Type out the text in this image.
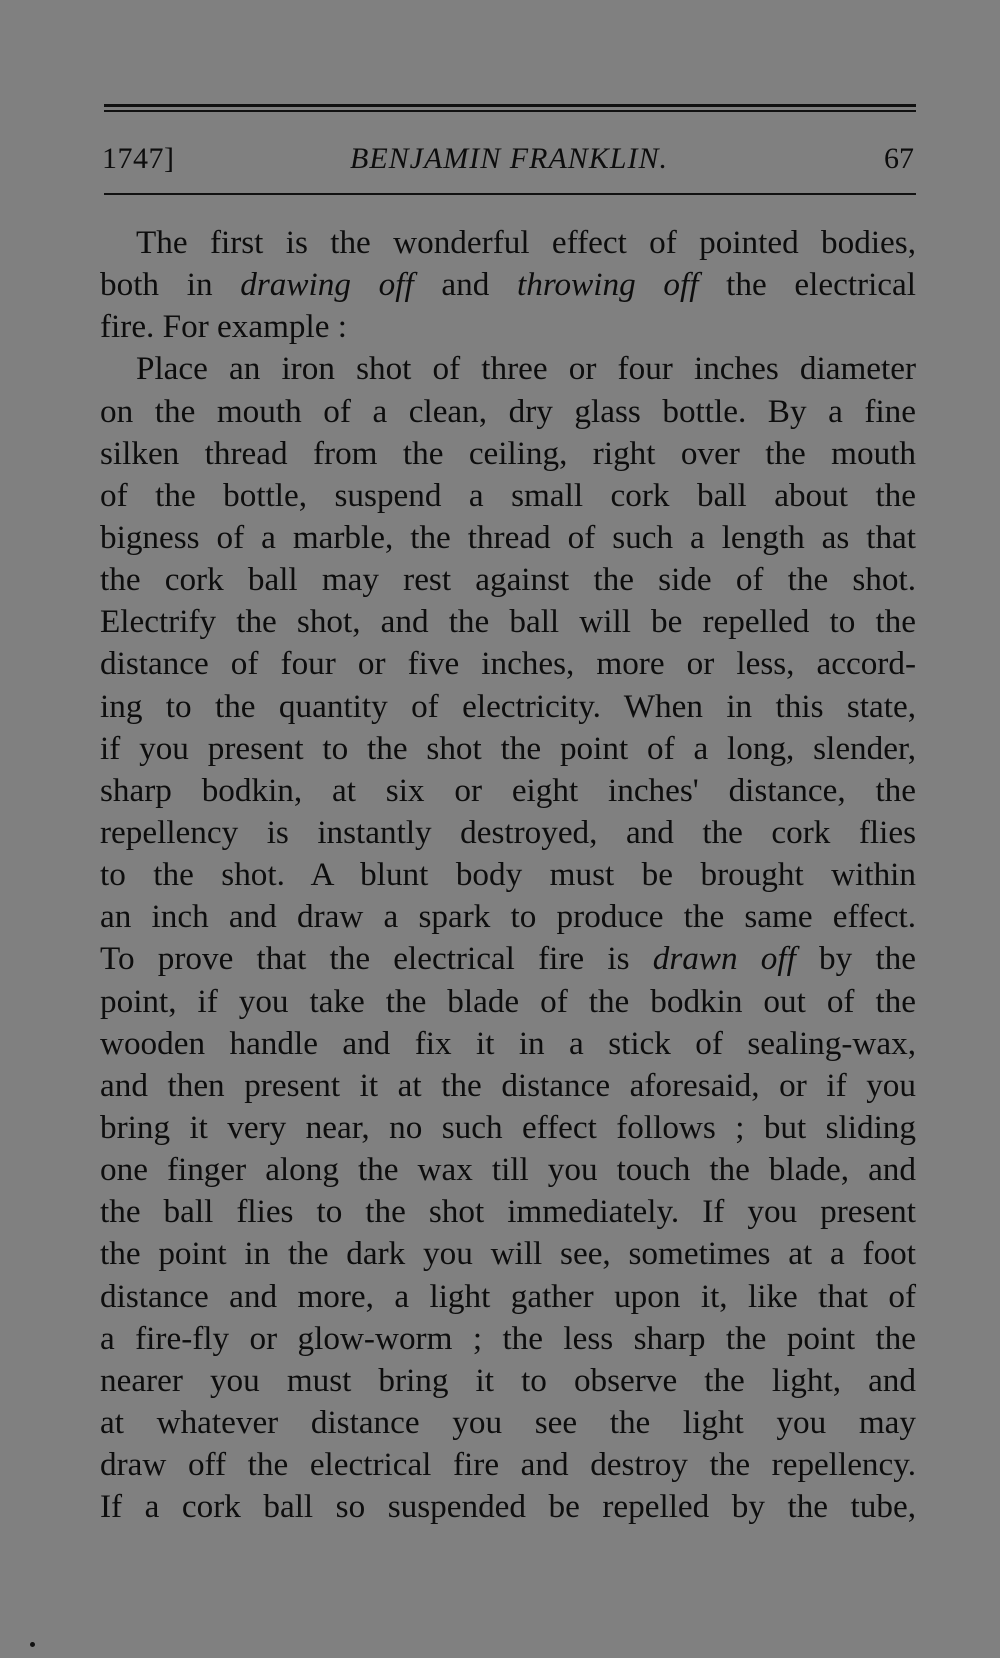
1747]	BENJAMIN FRANKLIN.	67
The first is the wonderful effect of pointed bodies,
both in drawing off and throwing off the electrical
fire. For example :
Place an iron shot of three or four inches diameter
on the mouth of a clean, dry glass bottle. By a fine
silken thread from the ceiling, right over the mouth
of the bottle, suspend a small cork ball about the
bigness of a marble, the thread of such a length as that
the cork ball may rest against the side of the shot.
Electrify the shot, and the ball will be repelled to the
distance of four or five inches, more or less, accord-
ing to the quantity of electricity. When in this state,
if you present to the shot the point of a long, slender,
sharp bodkin, at six or eight inches' distance, the
repellency is instantly destroyed, and the cork flies
to the shot. A blunt body must be brought within
an inch and draw a spark to produce the same effect.
To prove that the electrical fire is drawn off by the
point, if you take the blade of the bodkin out of the
wooden handle and fix it in a stick of sealing-wax,
and then present it at the distance aforesaid, or if you
bring it very near, no such effect follows ; but sliding
one finger along the wax till you touch the blade, and
the ball flies to the shot immediately. If you present
the point in the dark you will see, sometimes at a foot
distance and more, a light gather upon it, like that of
a fire-fly or glow-worm ; the less sharp the point the
nearer you must bring it to observe the light, and
at whatever distance you see the light you may
draw off the electrical fire and destroy the repellency.
If a cork ball so suspended be repelled by the tube,
